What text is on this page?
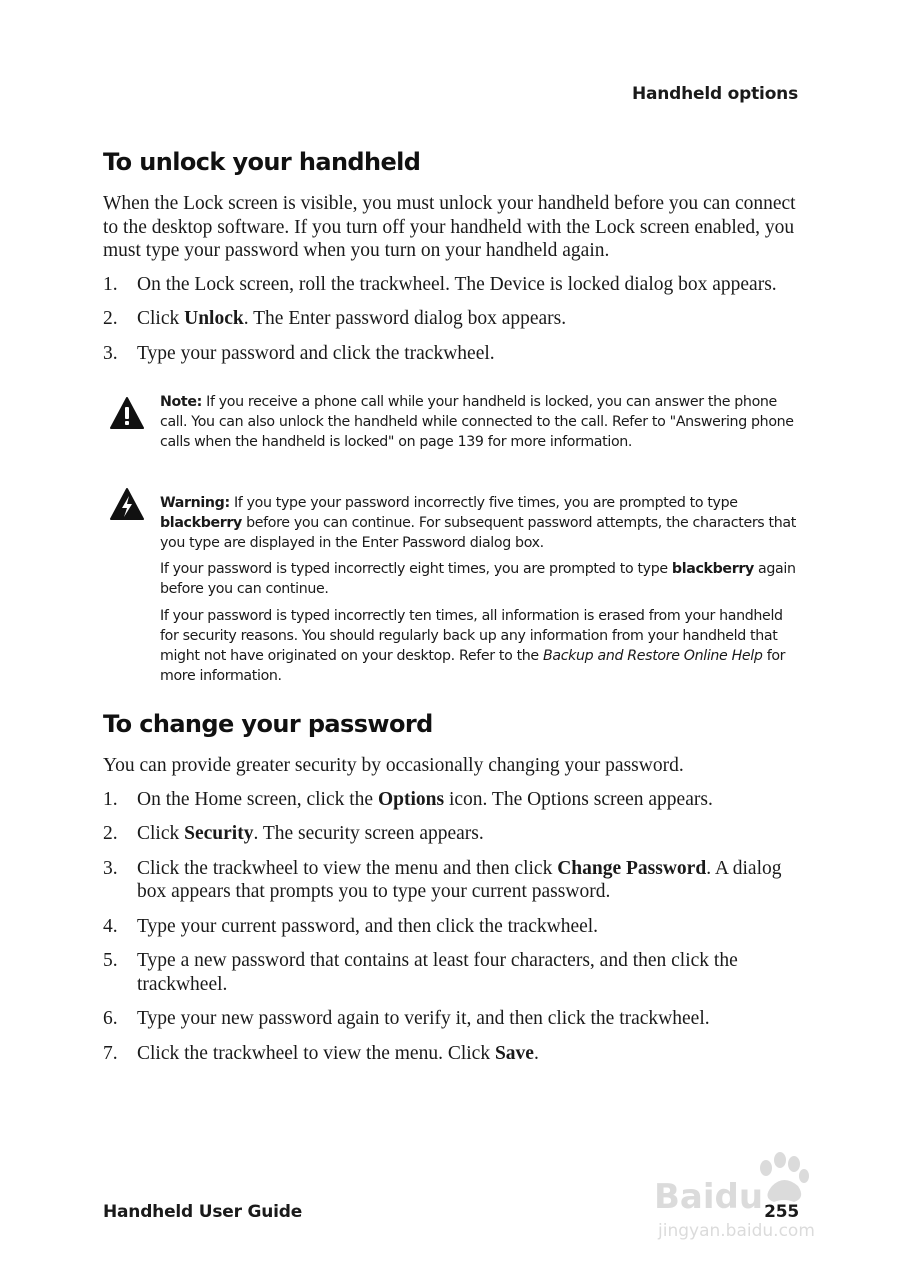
Handheld options
To unlock your handheld

When the Lock screen is visible, you must unlock your handheld before you can connect to the desktop software. If you turn off your handheld with the Lock screen enabled, you must type your password when you turn on your handheld again.

1. On the Lock screen, roll the trackwheel. The Device is locked dialog box appears.
2. Click Unlock. The Enter password dialog box appears.
3. Type your password and click the trackwheel.

Note: If you receive a phone call while your handheld is locked, you can answer the phone call. You can also unlock the handheld while connected to the call. Refer to "Answering phone calls when the handheld is locked" on page 139 for more information.

Warning: If you type your password incorrectly five times, you are prompted to type blackberry before you can continue. For subsequent password attempts, the characters that you type are displayed in the Enter Password dialog box.

If your password is typed incorrectly eight times, you are prompted to type blackberry again before you can continue.

If your password is typed incorrectly ten times, all information is erased from your handheld for security reasons. You should regularly back up any information from your handheld that might not have originated on your desktop. Refer to the Backup and Restore Online Help for more information.

To change your password

You can provide greater security by occasionally changing your password.

1. On the Home screen, click the Options icon. The Options screen appears.
2. Click Security. The security screen appears.
3. Click the trackwheel to view the menu and then click Change Password. A dialog box appears that prompts you to type your current password.
4. Type your current password, and then click the trackwheel.
5. Type a new password that contains at least four characters, and then click the trackwheel.
6. Type your new password again to verify it, and then click the trackwheel.
7. Click the trackwheel to view the menu. Click Save.
Handheld User Guide	255
Baidu
jingyan.baidu.com
